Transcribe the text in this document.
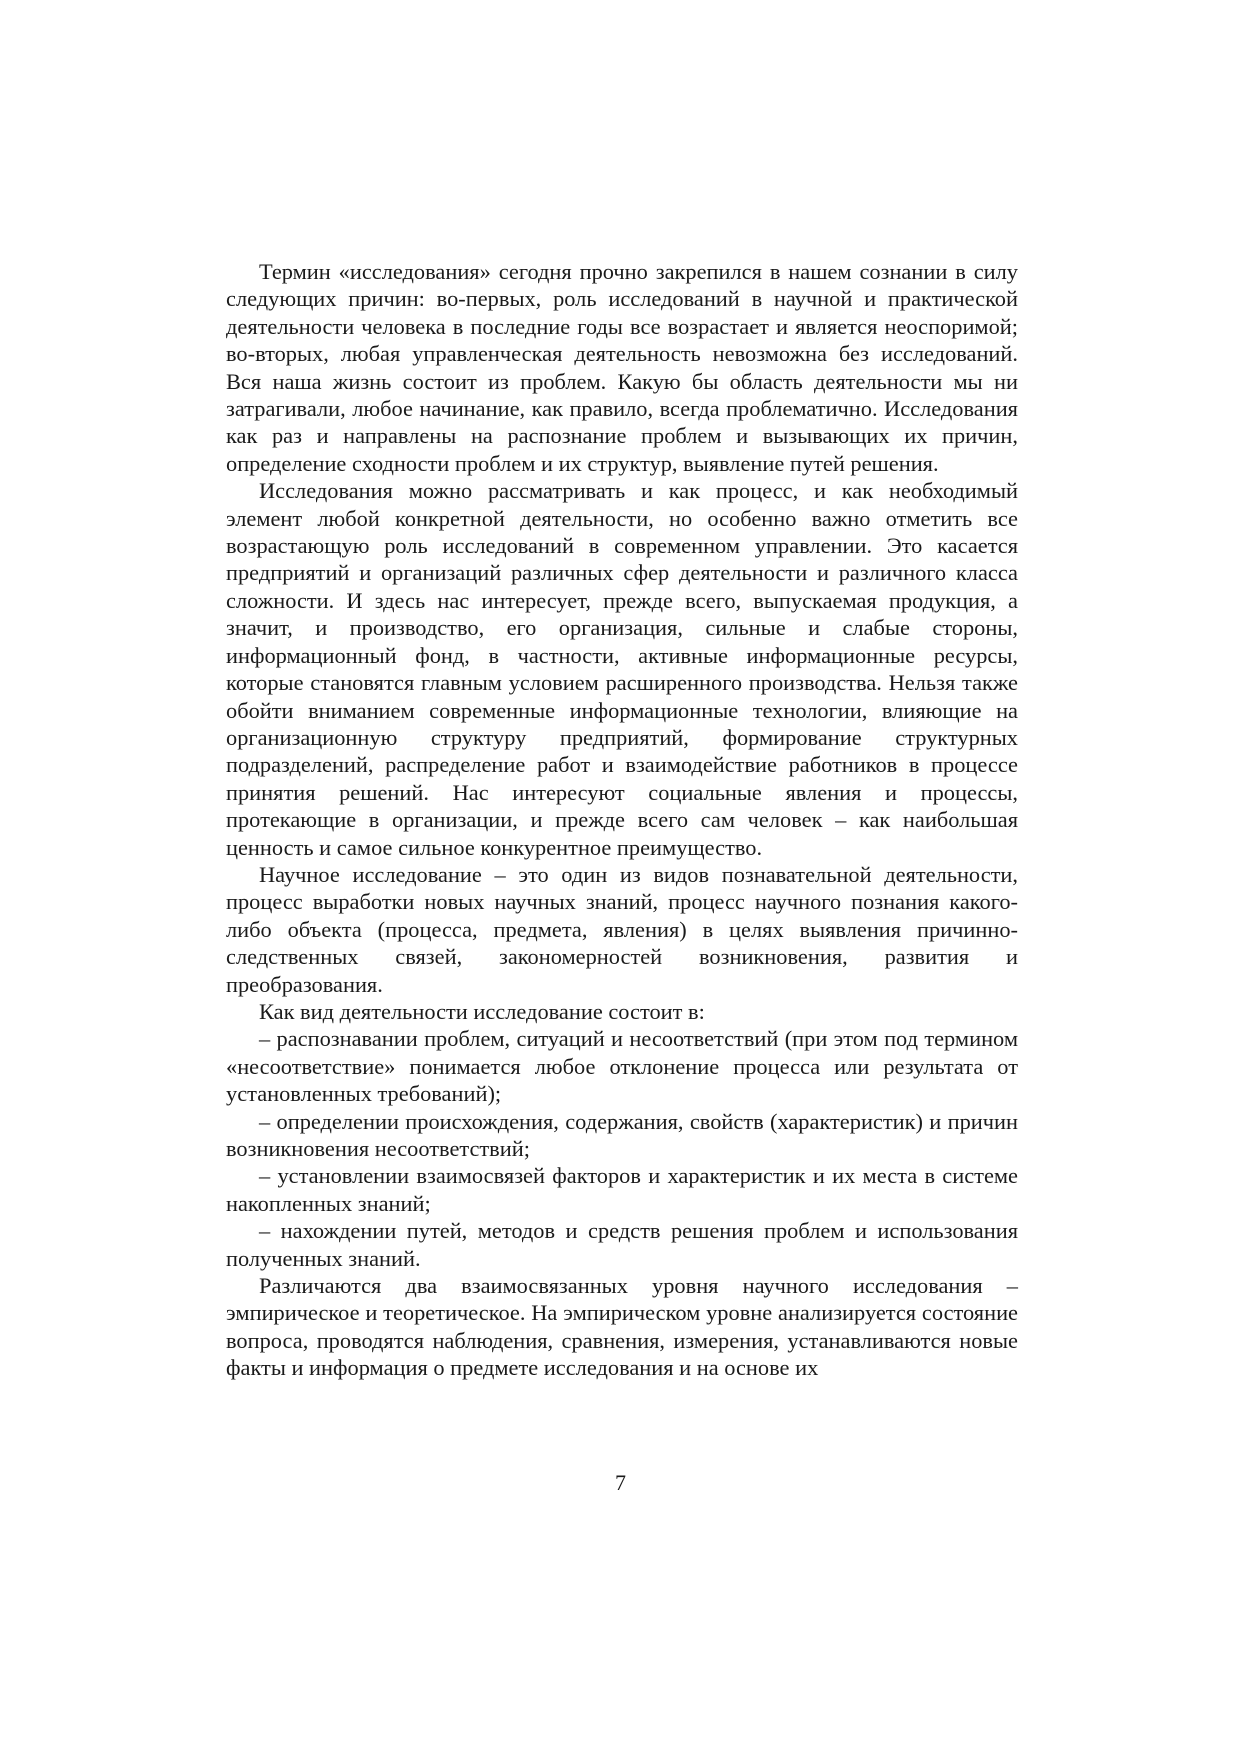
Термин «исследования» сегодня прочно закрепился в нашем сознании в силу следующих причин: во-первых, роль исследований в научной и практической деятельности человека в последние годы все возрастает и является неоспоримой; во-вторых, любая управленческая деятельность невозможна без исследований. Вся наша жизнь состоит из проблем. Какую бы область деятельности мы ни затрагивали, любое начинание, как правило, всегда проблематично. Исследования как раз и направлены на распознание проблем и вызывающих их причин, определение сходности проблем и их структур, выявление путей решения.

Исследования можно рассматривать и как процесс, и как необходимый элемент любой конкретной деятельности, но особенно важно отметить все возрастающую роль исследований в современном управлении. Это касается предприятий и организаций различных сфер деятельности и различного класса сложности. И здесь нас интересует, прежде всего, выпускаемая продукция, а значит, и производство, его организация, сильные и слабые стороны, информационный фонд, в частности, активные информационные ресурсы, которые становятся главным условием расширенного производства. Нельзя также обойти вниманием современные информационные технологии, влияющие на организационную структуру предприятий, формирование структурных подразделений, распределение работ и взаимодействие работников в процессе принятия решений. Нас интересуют социальные явления и процессы, протекающие в организации, и прежде всего сам человек – как наибольшая ценность и самое сильное конкурентное преимущество.

Научное исследование – это один из видов познавательной деятельности, процесс выработки новых научных знаний, процесс научного познания какого-либо объекта (процесса, предмета, явления) в целях выявления причинно-следственных связей, закономерностей возникновения, развития и преобразования.

Как вид деятельности исследование состоит в:

– распознавании проблем, ситуаций и несоответствий (при этом под термином «несоответствие» понимается любое отклонение процесса или результата от установленных требований);

– определении происхождения, содержания, свойств (характеристик) и причин возникновения несоответствий;

– установлении взаимосвязей факторов и характеристик и их места в системе накопленных знаний;

– нахождении путей, методов и средств решения проблем и использования полученных знаний.

Различаются два взаимосвязанных уровня научного исследования – эмпирическое и теоретическое. На эмпирическом уровне анализируется состояние вопроса, проводятся наблюдения, сравнения, измерения, устанавливаются новые факты и информация о предмете исследования и на основе их

7
